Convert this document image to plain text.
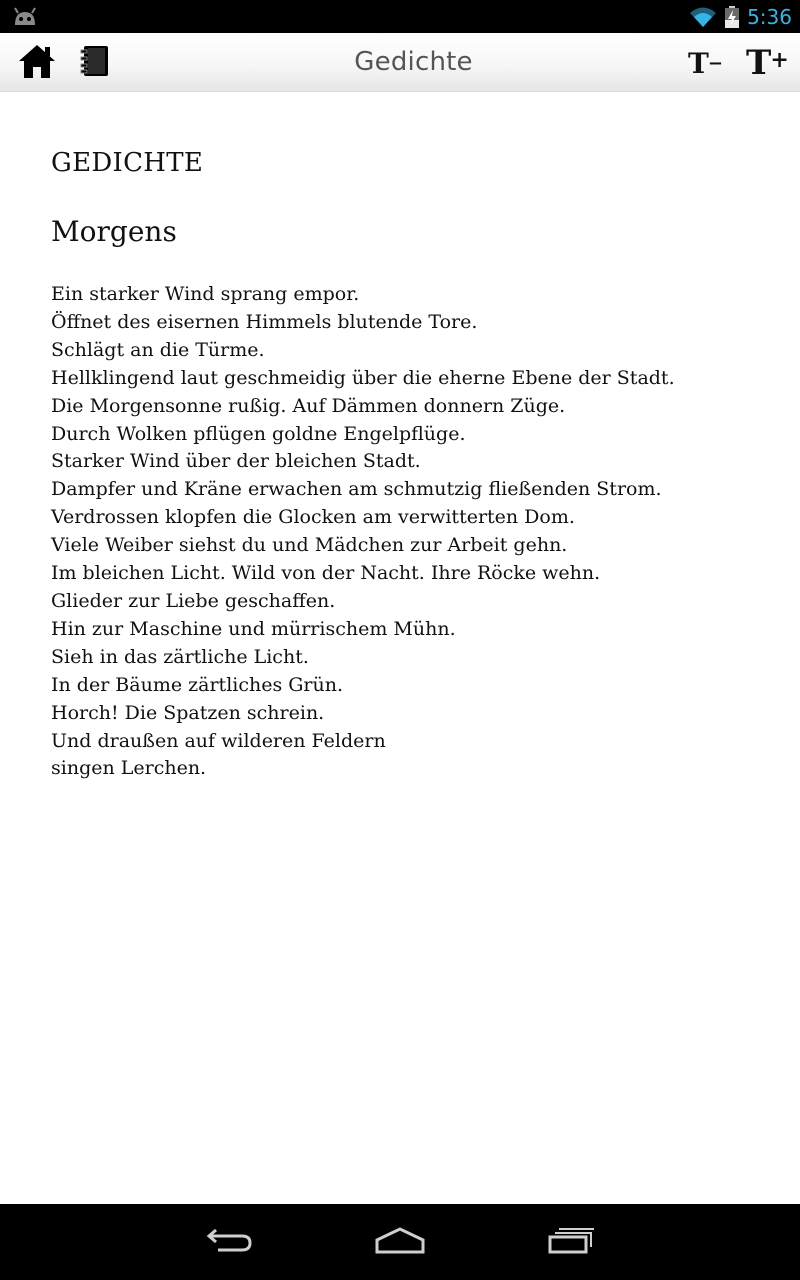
5:36
Gedichte	T − T +
GEDICHTE
Morgens
Ein starker Wind sprang empor.
Öffnet des eisernen Himmels blutende Tore.
Schlägt an die Türme.
Hellklingend laut geschmeidig über die eherne Ebene der Stadt.
Die Morgensonne rußig. Auf Dämmen donnern Züge.
Durch Wolken pflügen goldne Engelpflüge.
Starker Wind über der bleichen Stadt.
Dampfer und Kräne erwachen am schmutzig fließenden Strom.
Verdrossen klopfen die Glocken am verwitterten Dom.
Viele Weiber siehst du und Mädchen zur Arbeit gehn.
Im bleichen Licht. Wild von der Nacht. Ihre Röcke wehn.
Glieder zur Liebe geschaffen.
Hin zur Maschine und mürrischem Mühn.
Sieh in das zärtliche Licht.
In der Bäume zärtliches Grün.
Horch! Die Spatzen schrein.
Und draußen auf wilderen Feldern
singen Lerchen.
